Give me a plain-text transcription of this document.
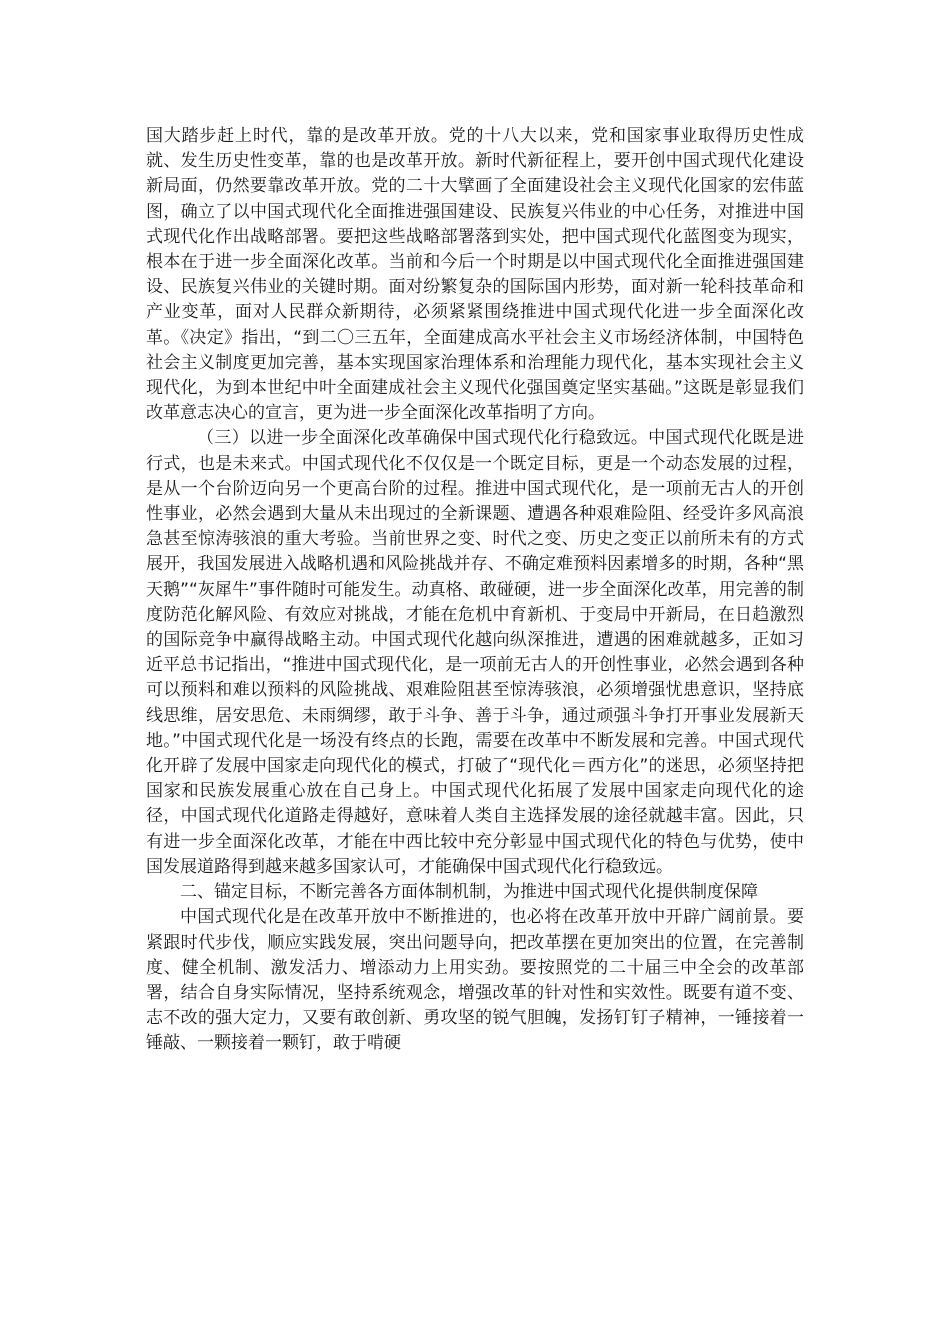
国大踏步赶上时代，靠的是改革开放。党的十八大以来，党和国家事业取得历史性成就、发生历史性变革，靠的也是改革开放。新时代新征程上，要开创中国式现代化建设新局面，仍然要靠改革开放。党的二十大擘画了全面建设社会主义现代化国家的宏伟蓝图，确立了以中国式现代化全面推进强国建设、民族复兴伟业的中心任务，对推进中国式现代化作出战略部署。要把这些战略部署落到实处，把中国式现代化蓝图变为现实，根本在于进一步全面深化改革。当前和今后一个时期是以中国式现代化全面推进强国建设、民族复兴伟业的关键时期。面对纷繁复杂的国际国内形势，面对新一轮科技革命和产业变革，面对人民群众新期待，必须紧紧围绕推进中国式现代化进一步全面深化改革。《决定》指出，“到二〇三五年，全面建成高水平社会主义市场经济体制，中国特色社会主义制度更加完善，基本实现国家治理体系和治理能力现代化，基本实现社会主义现代化，为到本世纪中叶全面建成社会主义现代化强国奠定坚实基础。”这既是彰显我们改革意志决心的宣言，更为进一步全面深化改革指明了方向。

（三）以进一步全面深化改革确保中国式现代化行稳致远。中国式现代化既是进行式，也是未来式。中国式现代化不仅仅是一个既定目标，更是一个动态发展的过程，是从一个台阶迈向另一个更高台阶的过程。推进中国式现代化，是一项前无古人的开创性事业，必然会遇到大量从未出现过的全新课题、遭遇各种艰难险阻、经受许多风高浪急甚至惊涛骇浪的重大考验。当前世界之变、时代之变、历史之变正以前所未有的方式展开，我国发展进入战略机遇和风险挑战并存、不确定难预料因素增多的时期，各种“黑天鹅”“灰犀牛”事件随时可能发生。动真格、敢碰硬，进一步全面深化改革，用完善的制度防范化解风险、有效应对挑战，才能在危机中育新机、于变局中开新局，在日趋激烈的国际竞争中赢得战略主动。中国式现代化越向纵深推进，遭遇的困难就越多，正如习近平总书记指出，“推进中国式现代化，是一项前无古人的开创性事业，必然会遇到各种可以预料和难以预料的风险挑战、艰难险阻甚至惊涛骇浪，必须增强忧患意识，坚持底线思维，居安思危、未雨绸缪，敢于斗争、善于斗争，通过顽强斗争打开事业发展新天地。”中国式现代化是一场没有终点的长跑，需要在改革中不断发展和完善。中国式现代化开辟了发展中国家走向现代化的模式，打破了“现代化＝西方化”的迷思，必须坚持把国家和民族发展重心放在自己身上。中国式现代化拓展了发展中国家走向现代化的途径，中国式现代化道路走得越好，意味着人类自主选择发展的途径就越丰富。因此，只有进一步全面深化改革，才能在中西比较中充分彰显中国式现代化的特色与优势，使中国发展道路得到越来越多国家认可，才能确保中国式现代化行稳致远。

二、锚定目标，不断完善各方面体制机制，为推进中国式现代化提供制度保障

中国式现代化是在改革开放中不断推进的，也必将在改革开放中开辟广阔前景。要紧跟时代步伐，顺应实践发展，突出问题导向，把改革摆在更加突出的位置，在完善制度、健全机制、激发活力、增添动力上用实劲。要按照党的二十届三中全会的改革部署，结合自身实际情况，坚持系统观念，增强改革的针对性和实效性。既要有道不变、志不改的强大定力，又要有敢创新、勇攻坚的锐气胆魄，发扬钉钉子精神，一锤接着一锤敲、一颗接着一颗钉，敢于啃硬
